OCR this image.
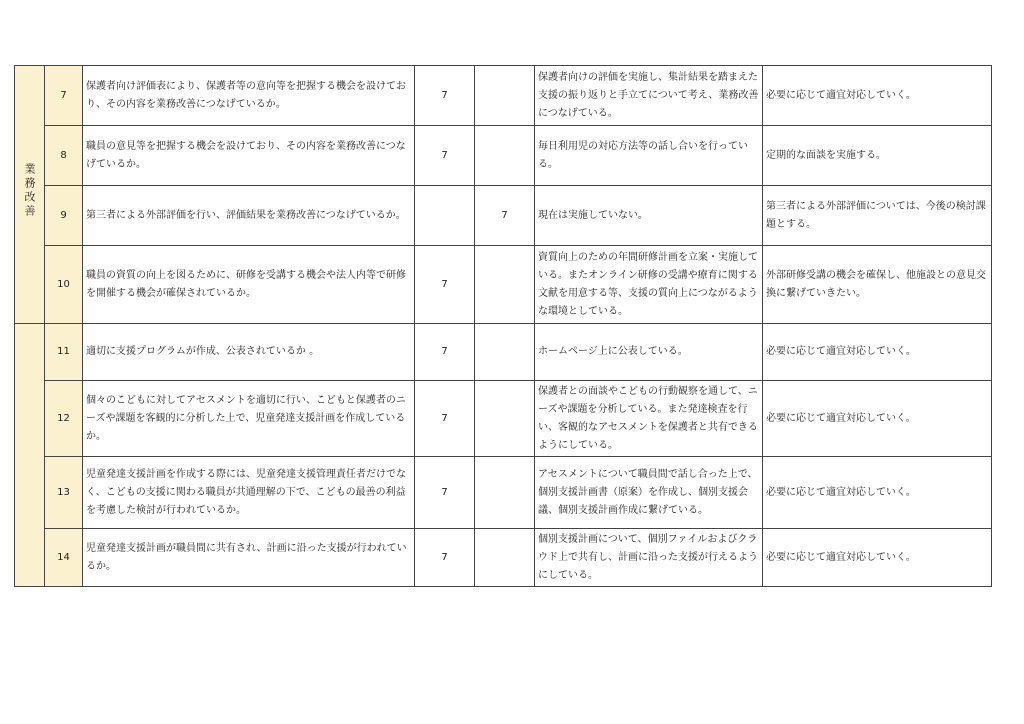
業務改善	7	保護者向け評価表により、保護者等の意向等を把握する機会を設けており、その内容を業務改善につなげているか。	7		保護者向けの評価を実施し、集計結果を踏まえた支援の振り返りと手立てについて考え、業務改善につなげている。	必要に応じて適宜対応していく。
	8	職員の意見等を把握する機会を設けており、その内容を業務改善につなげているか。	7		毎日利用児の対応方法等の話し合いを行っている。	定期的な面談を実施する。
	9	第三者による外部評価を行い、評価結果を業務改善につなげているか。		7	現在は実施していない。	第三者による外部評価については、今後の検討課題とする。
	10	職員の資質の向上を図るために、研修を受講する機会や法人内等で研修を開催する機会が確保されているか。	7		資質向上のための年間研修計画を立案・実施している。またオンライン研修の受講や療育に関する文献を用意する等、支援の質向上につながるような環境としている。	外部研修受講の機会を確保し、他施設との意見交換に繋げていきたい。
	11	適切に支援プログラムが作成、公表されているか 。	7		ホームページ上に公表している。	必要に応じて適宜対応していく。
	12	個々のこどもに対してアセスメントを適切に行い、こどもと保護者のニーズや課題を客観的に分析した上で、児童発達支援計画を作成しているか。	7		保護者との面談やこどもの行動観察を通して、ニーズや課題を分析している。また発達検査を行い、客観的なアセスメントを保護者と共有できるようにしている。	必要に応じて適宜対応していく。
	13	児童発達支援計画を作成する際には、児童発達支援管理責任者だけでなく、こどもの支援に関わる職員が共通理解の下で、こどもの最善の利益を考慮した検討が行われているか。	7		アセスメントについて職員間で話し合った上で、個別支援計画書（原案）を作成し、個別支援会議、個別支援計画作成に繋げている。	必要に応じて適宜対応していく。
	14	児童発達支援計画が職員間に共有され、計画に沿った支援が行われているか。	7		個別支援計画について、個別ファイルおよびクラウド上で共有し、計画に沿った支援が行えるようにしている。	必要に応じて適宜対応していく。
